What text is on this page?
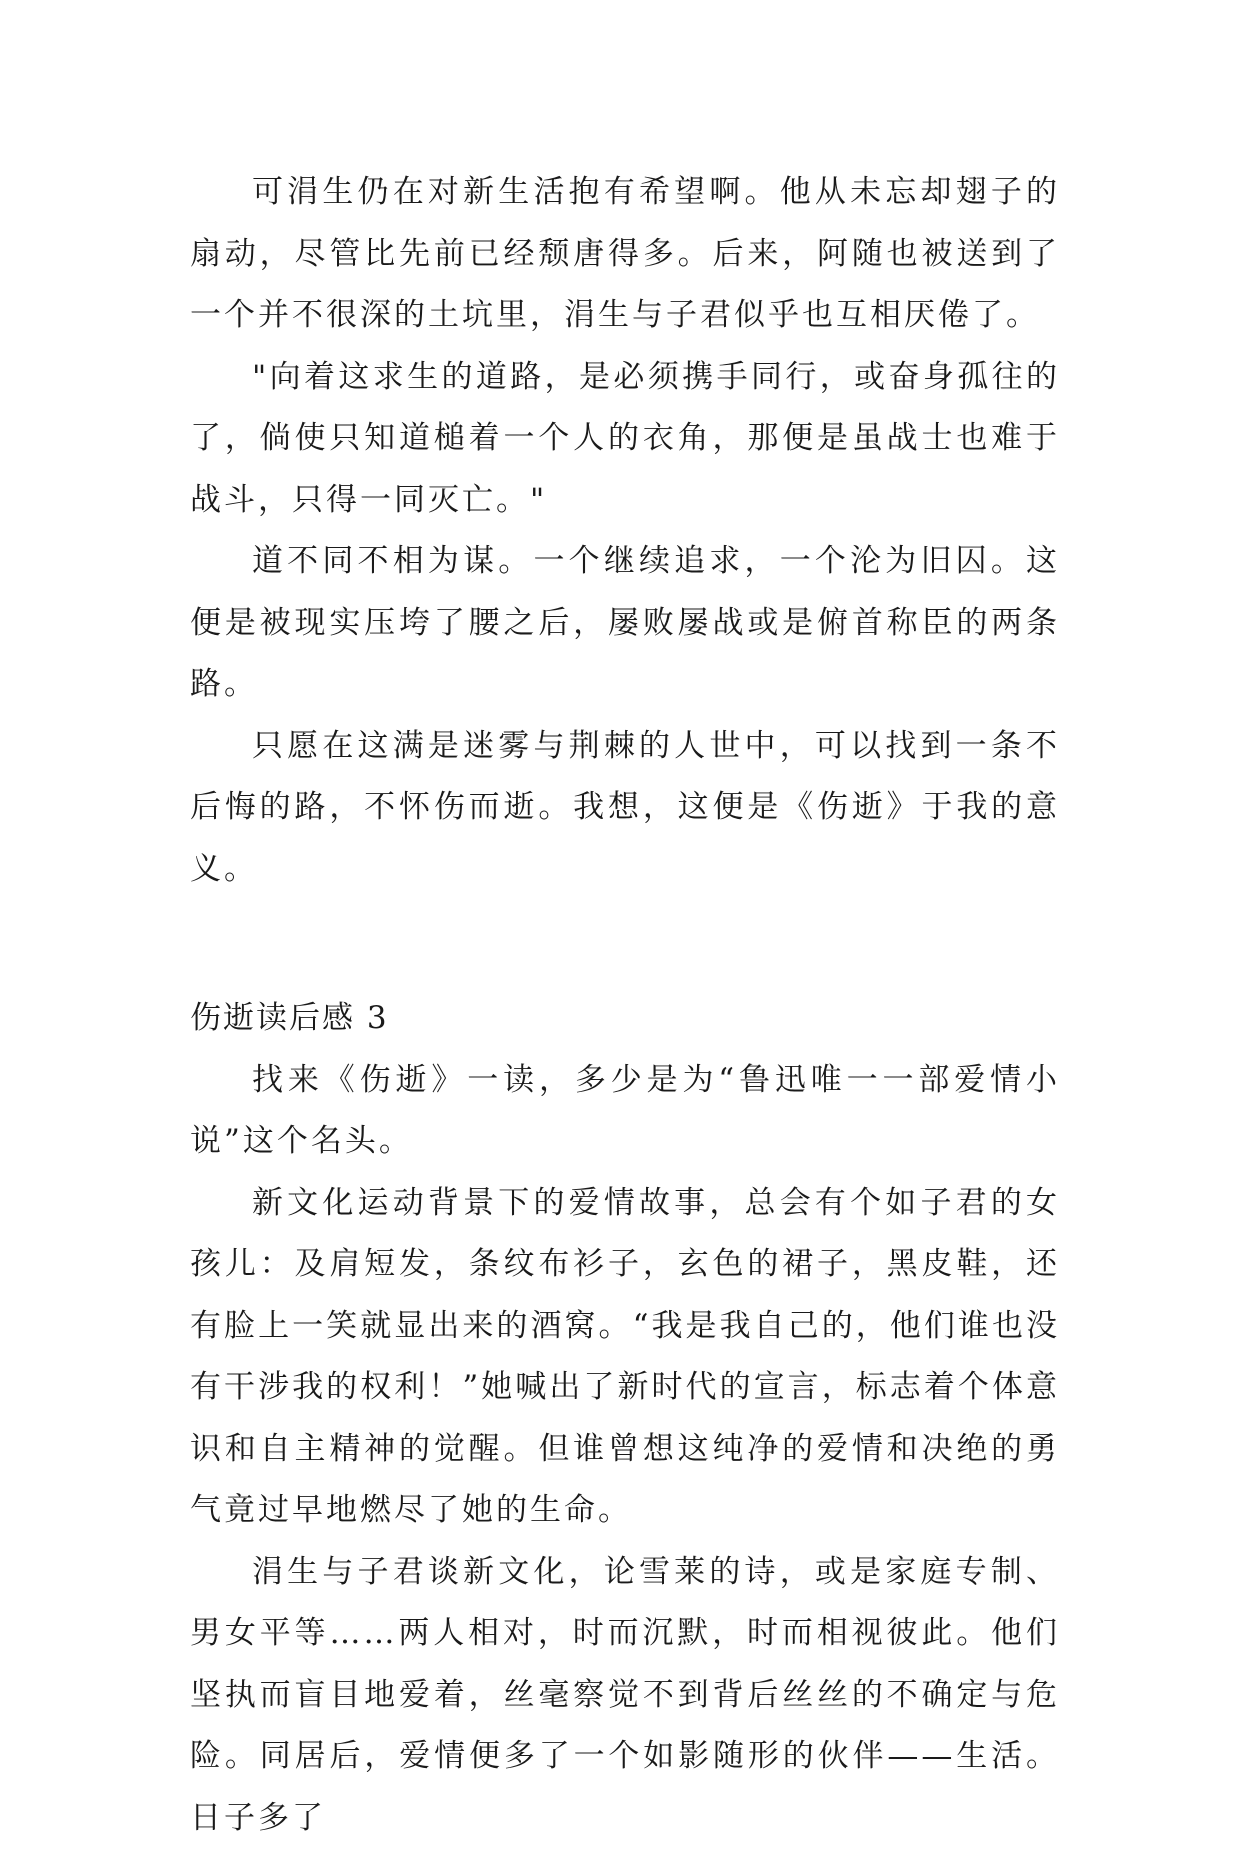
可涓生仍在对新生活抱有希望啊。他从未忘却翅子的扇动，尽管比先前已经颓唐得多。后来，阿随也被送到了一个并不很深的土坑里，涓生与子君似乎也互相厌倦了。

"向着这求生的道路，是必须携手同行，或奋身孤往的了，倘使只知道槌着一个人的衣角，那便是虽战士也难于战斗，只得一同灭亡。"

道不同不相为谋。一个继续追求，一个沦为旧囚。这便是被现实压垮了腰之后，屡败屡战或是俯首称臣的两条路。

只愿在这满是迷雾与荆棘的人世中，可以找到一条不后悔的路，不怀伤而逝。我想，这便是《伤逝》于我的意义。

伤逝读后感 3

找来《伤逝》一读，多少是为“鲁迅唯一一部爱情小说”这个名头。

新文化运动背景下的爱情故事，总会有个如子君的女孩儿：及肩短发，条纹布衫子，玄色的裙子，黑皮鞋，还有脸上一笑就显出来的酒窝。“我是我自己的，他们谁也没有干涉我的权利！”她喊出了新时代的宣言，标志着个体意识和自主精神的觉醒。但谁曾想这纯净的爱情和决绝的勇气竟过早地燃尽了她的生命。

涓生与子君谈新文化，论雪莱的诗，或是家庭专制、男女平等……两人相对，时而沉默，时而相视彼此。他们坚执而盲目地爱着，丝毫察觉不到背后丝丝的不确定与危险。同居后，爱情便多了一个如影随形的伙伴——生活。日子多了
